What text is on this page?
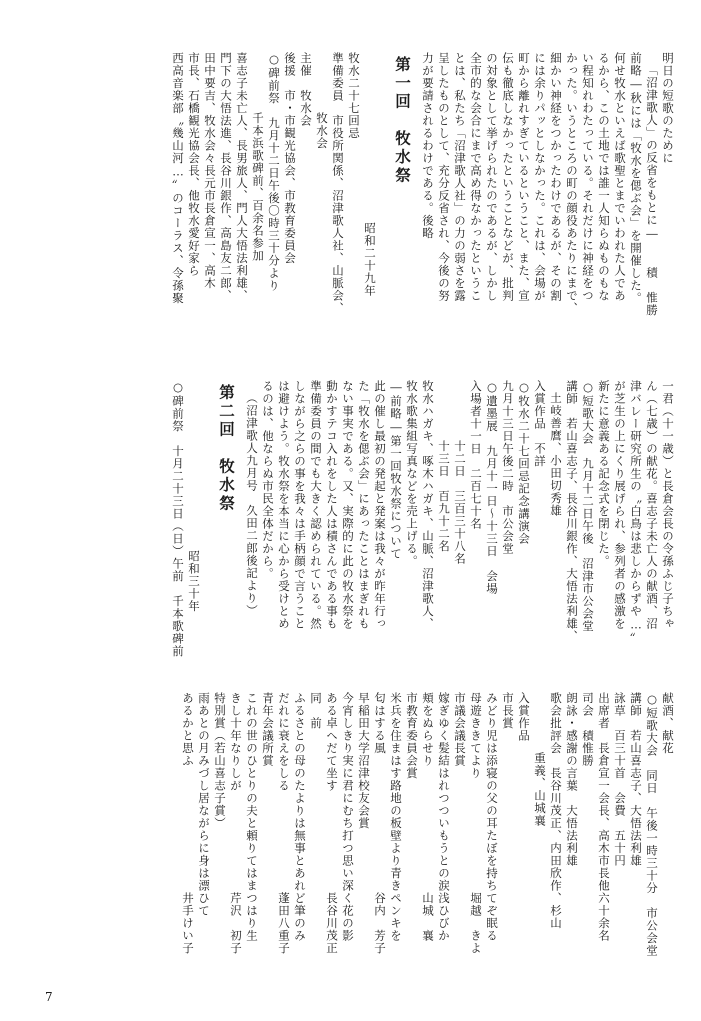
明日の短歌のために
「沼津歌人」の反省をもとに―　　積　惟勝
前略―秋には「牧水を偲ぶ会」を開催した。
何せ牧水といえば歌聖とまでいわれた人であ
るから、この土地では誰一人知らぬものもな
い程知れわたっている。それだけに神経をつ
かった。いうところの町の顔役あたりにまで、
細かい神経をつかったわけであるが、その割
には余りパッとしなかった。これは、会場が
町から離れすぎているということ、また、宣
伝も徹底しなかったということなどが、批判
の対象として挙げられたのであるが、しかし
全市的な会合にまで高め得なかったというこ
とは、私たち「沼津歌人社」の力の弱さを露
呈したものとして、充分反省され、今後の努
力が要請されるわけである。後略
第一回　牧水祭
昭和二十九年
牧水二十七回忌
準備委員　市役所関係、沼津歌人社、山脈会、
牧水会
主催　牧水会
後援　市・市観光協会、市教育委員会
○碑前祭　九月十二日午後〇時三十分より
千本浜歌碑前、百余名参加
喜志子未亡人、長男旅人、門人大悟法利雄、
門下の大悟法進、長谷川銀作、高島友二郎、
田中要吉、牧水会々長元市長倉宣一、高木
市長、石橋観光協会長、他牧水愛好家ら
西高音楽部〝幾山河…〟のコーラス、令孫聚
一君（十一歳）と長倉会長の令孫ふじ子ちゃ
ん（七歳）の献花。喜志子未亡人の献酒、沼
津バレー研究所生の〝白鳥は悲しからずや…〟
が芝生の上にくり展げられ、参列者の感激を
新たに意義ある記念式を閉じた。
○短歌大会　九月十二日午後　沼津市公会堂
講師　若山喜志子、長谷川銀作、大悟法利雄、
土岐善麿、小田切秀雄
入賞作品　不詳
○牧水二十七回忌記念講演会
九月十三日午後二時　市公会堂
○遺墨展　九月十一日～十三日　会場
入場者十一日　二百七十名
十二日　三百三十八名
十三日　百九十二名
牧水ハガキ、啄木ハガキ、山脈、沼津歌人、
牧水歌集組写真などを売上げる。
―前略―第一回牧水祭について
此の催し最初の発起と発案は我々が昨年行っ
た「牧水を偲ぶ会」にあったことはまぎれも
ない事実である。又、実際的に此の牧水祭を
動かすテコ入れをした人は積さんである事も
準備委員の間でも大きく認められている。然
しながら之らの事を我々は手柄顔で言うこと
は避けよう。牧水祭を本当に心から受けとめ
るのは、他ならぬ市民全体だから。
（沼津歌人九月号　久田二郎後記より）
第二回　牧水祭
昭和三十年
○碑前祭　十月二十三日（日）午前　千本歌碑前
献酒、献花
○短歌大会　同日　午後一時三十分　市公会堂
講師　若山喜志子、大悟法利雄
詠草　百三十首　会費　五十円
出席者　長倉宣一会長、高木市長他六十余名
司会　積惟勝
朗詠・感謝の言葉　大悟法利雄
歌会批評会　長谷川茂正、内田欣作、杉山
重義、山城襄
入賞作品
市長賞
みどり児は添寝の父の耳たぼを持ちてぞ眠る
母遊ききてより　　　　　　　　　堀越　きよ
市議会議長賞
嫁ぎゆく髪結はれつついもうとの涙浅ひびか
頬をぬらせり　　　　　　　　　　山城　襄
市教育委員会賞
米兵を住まはす路地の板壁より青きペンキを
匂はする風　　　　　　　　　　　谷内　芳子
早稲田大学沼津校友会賞
今宵しきり実に君にむち打つ思い深く花の影
ある卓へだて坐す　　　　　　　　長谷川茂正
同　前
ふるさとの母のたよりは無事とあれど筆のみ
だれに衰えをしる　　　　　　　　蓬田八重子
青年会議所賞
これの世のひとりの夫と頼りてはまつはり生
きし十年なりしが　　　　　　　　芹沢　初子
特別賞（若山喜志子賞）
雨あとの月みづし居ながらに身は漂ひて
あるかと思ふ　　　　　　　　　　井手けい子
7
